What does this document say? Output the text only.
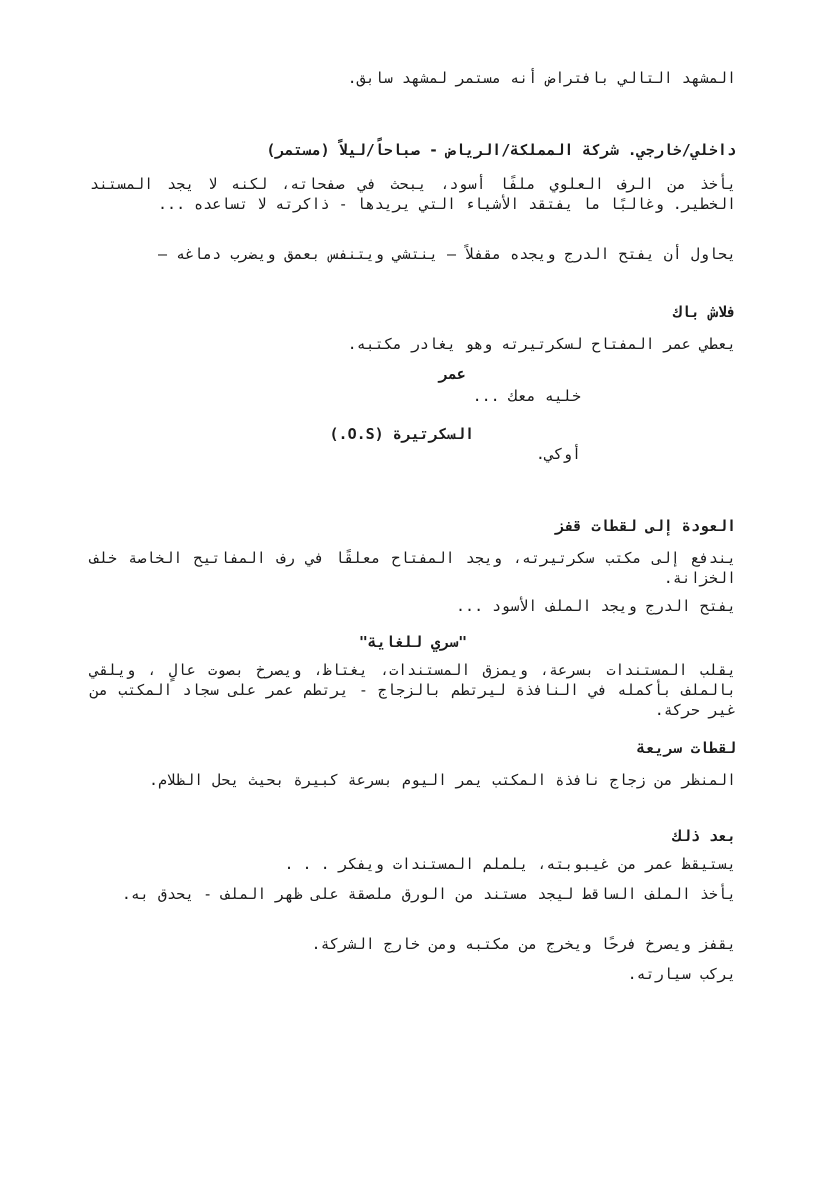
المشهد التالي بافتراض أنه مستمر لمشهد سابق.

داخلي/خارجي. شركة المملكة/الرياض - صباحاً/ليلاً (مستمر)

يأخذ من الرف العلوي ملفًا أسود، يبحث في صفحاته، لكنه لا يجد المستند الخطير. وغالبًا ما يفتقد الأشياء التي يريدها - ذاكرته لا تساعده ...

يحاول أن يفتح الدرج ويجده مقفلاً — ينتشي ويتنفس بعمق ويضرب دماغه —

فلاش باك

يعطي عمر المفتاح لسكرتيرته وهو يغادر مكتبه.

عمر

خليه معك ...

السكرتيرة (O.S.)

أوكي.

العودة إلى لقطات قفز

يندفع إلى مكتب سكرتيرته، ويجد المفتاح معلقًا في رف المفاتيح الخاصة خلف الخزانة.

يفتح الدرج ويجد الملف الأسود ...

"سري للغاية"

يقلب المستندات بسرعة، ويمزق المستندات، يغتاظ، ويصرخ بصوت عالٍ ، ويلقي بالملف بأكمله في النافذة ليرتطم بالزجاج - يرتطم عمر على سجاد المكتب من غير حركة.

لقطات سريعة

المنظر من زجاج نافذة المكتب يمر اليوم بسرعة كبيرة بحيث يحل الظلام.

بعد ذلك

يستيقظ عمر من غيبوبته، يلملم المستندات ويفكر . . .

يأخذ الملف الساقط ليجد مستند من الورق ملصقة على ظهر الملف - يحدق به.

يقفز ويصرخ فرحًا ويخرج من مكتبه ومن خارج الشركة.

يركب سيارته.
